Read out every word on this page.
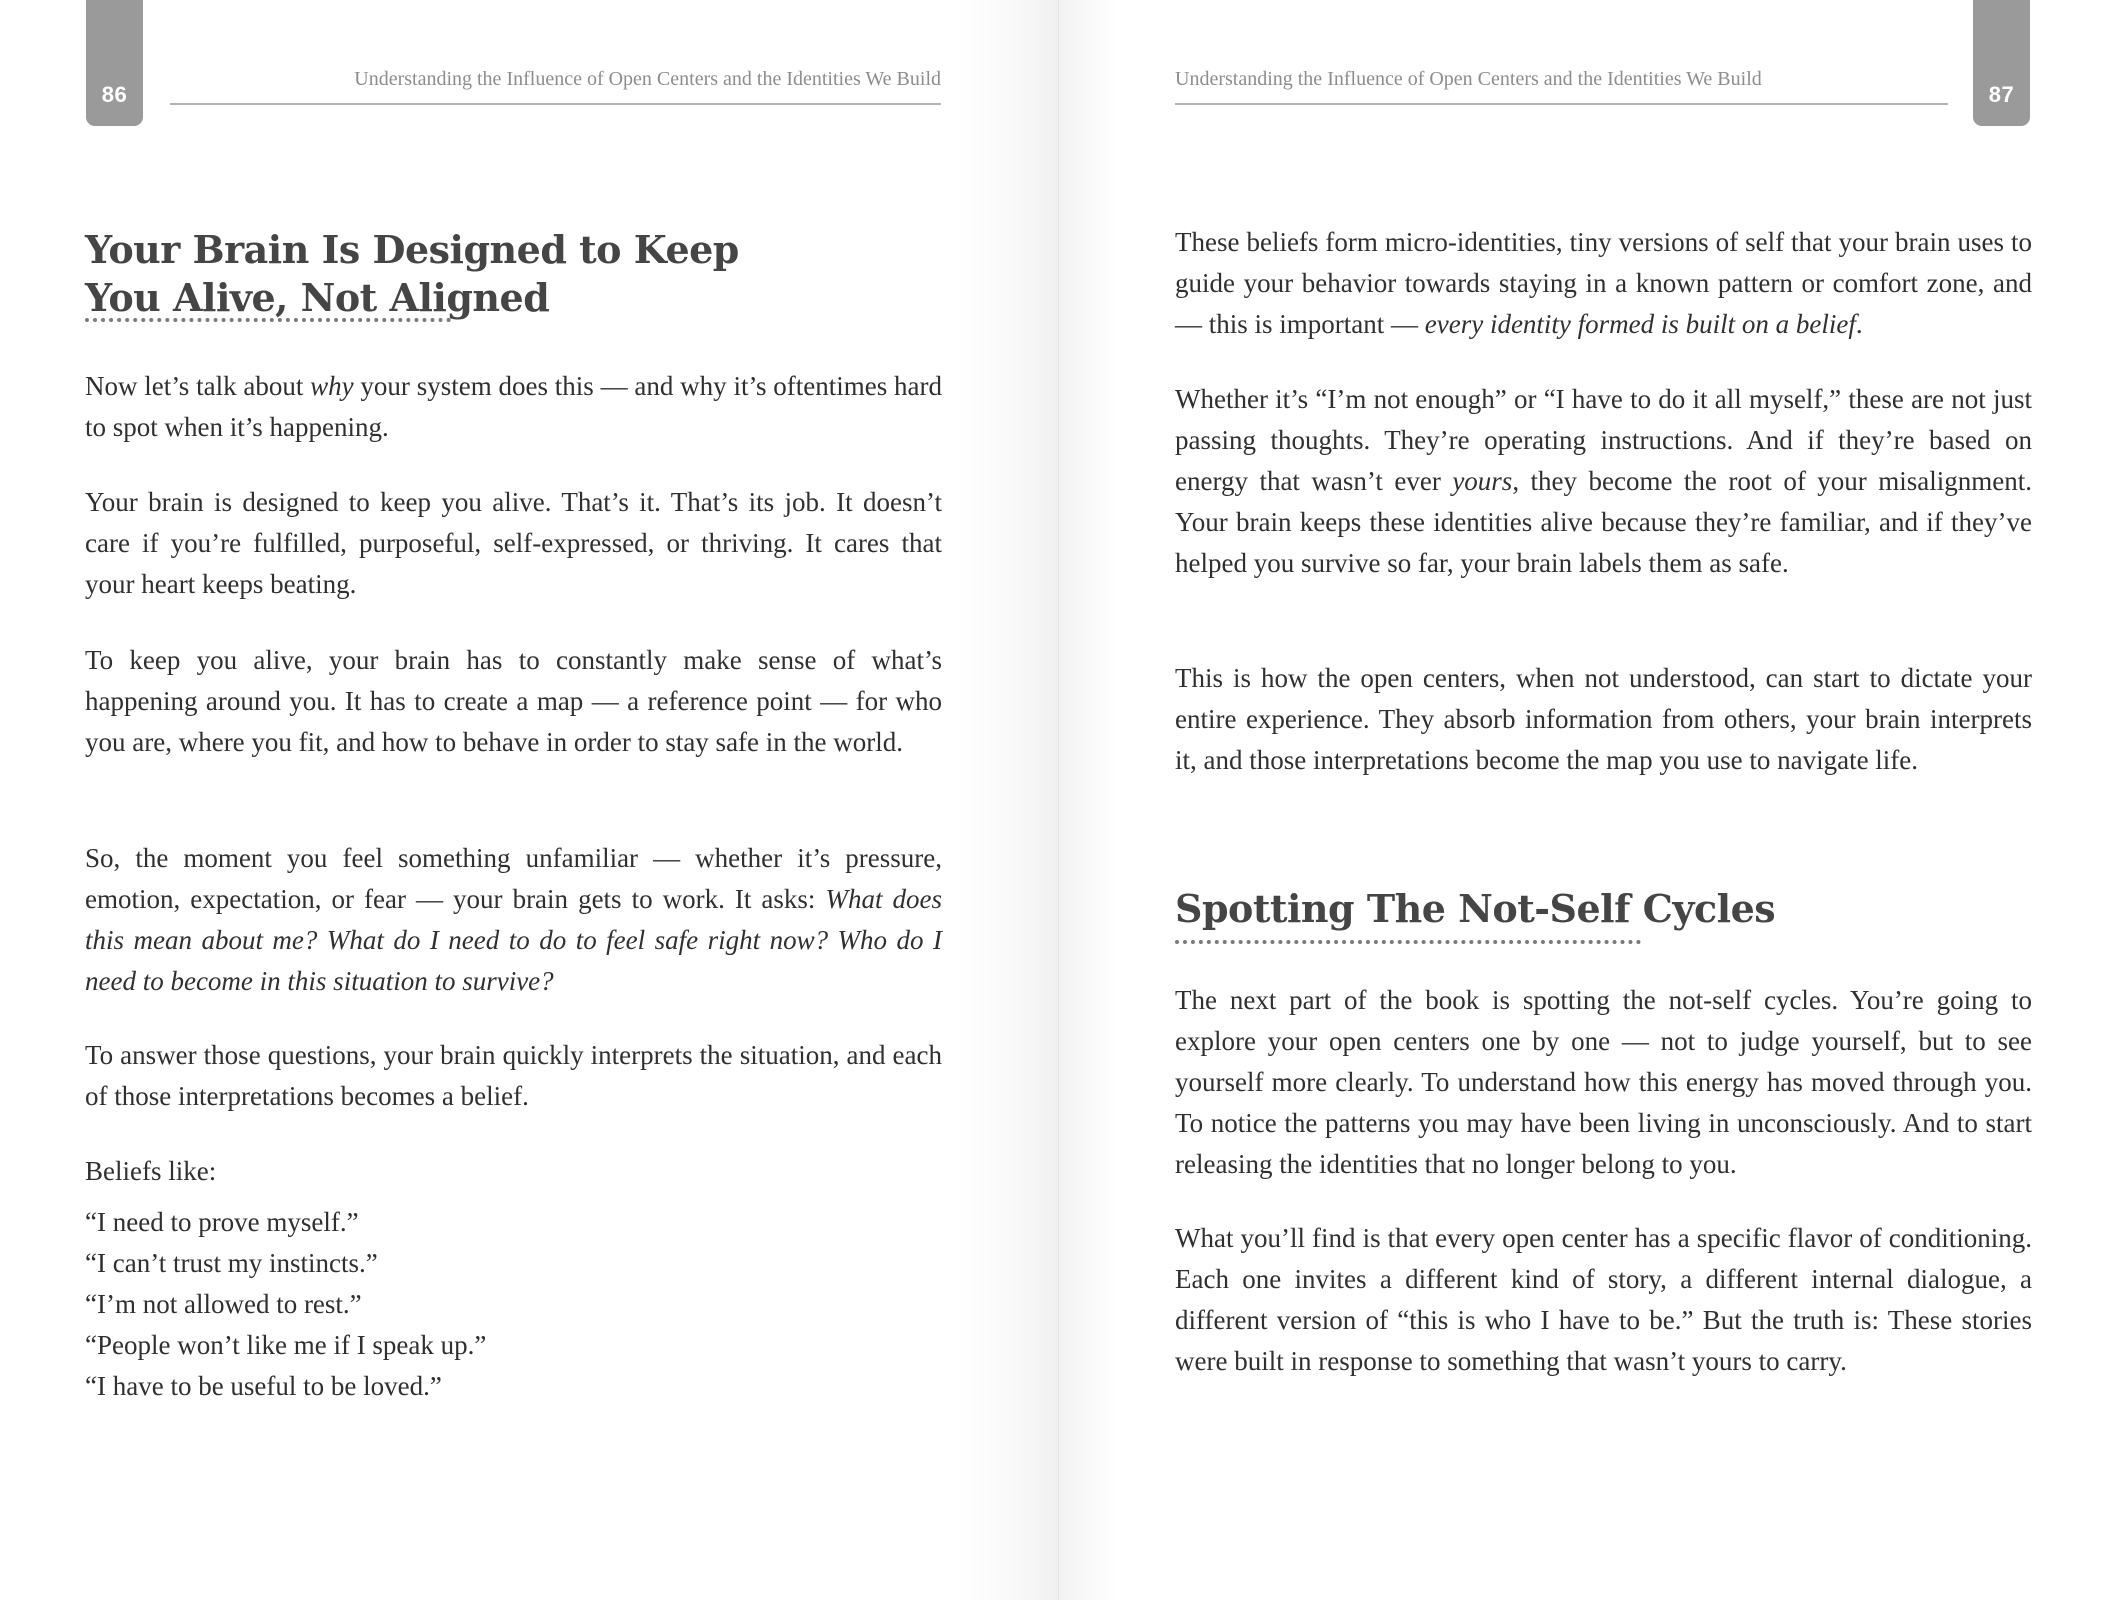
86
Understanding the Influence of Open Centers and the Identities We Build
Your Brain Is Designed to Keep
You Alive, Not Aligned

Now let’s talk about why your system does this — and why it’s oftentimes hard to spot when it’s happening.

Your brain is designed to keep you alive. That’s it. That’s its job. It doesn’t care if you’re fulfilled, purposeful, self-expressed, or thriving. It cares that your heart keeps beating.

To keep you alive, your brain has to constantly make sense of what’s happening around you. It has to create a map — a reference point — for who you are, where you fit, and how to behave in order to stay safe in the world.

So, the moment you feel something unfamiliar — whether it’s pressure, emotion, expectation, or fear — your brain gets to work. It asks: What does this mean about me? What do I need to do to feel safe right now? Who do I need to become in this situation to survive?

To answer those questions, your brain quickly interprets the situation, and each of those interpretations becomes a belief.

Beliefs like:

“I need to prove myself.”
“I can’t trust my instincts.”
“I’m not allowed to rest.”
“People won’t like me if I speak up.”
“I have to be useful to be loved.”
87
Understanding the Influence of Open Centers and the Identities We Build

These beliefs form micro-identities, tiny versions of self that your brain uses to guide your behavior towards staying in a known pattern or comfort zone, and — this is important — every identity formed is built on a belief.

Whether it’s “I’m not enough” or “I have to do it all myself,” these are not just passing thoughts. They’re operating instructions. And if they’re based on energy that wasn’t ever yours, they become the root of your misalignment. Your brain keeps these identities alive because they’re familiar, and if they’ve helped you survive so far, your brain labels them as safe.

This is how the open centers, when not understood, can start to dictate your entire experience. They absorb information from others, your brain interprets it, and those interpretations become the map you use to navigate life.

Spotting The Not-Self Cycles

The next part of the book is spotting the not-self cycles. You’re going to explore your open centers one by one — not to judge yourself, but to see yourself more clearly. To understand how this energy has moved through you. To notice the patterns you may have been living in unconsciously. And to start releasing the identities that no longer belong to you.

What you’ll find is that every open center has a specific flavor of conditioning. Each one invites a different kind of story, a different internal dialogue, a different version of “this is who I have to be.” But the truth is: These stories were built in response to something that wasn’t yours to carry.
